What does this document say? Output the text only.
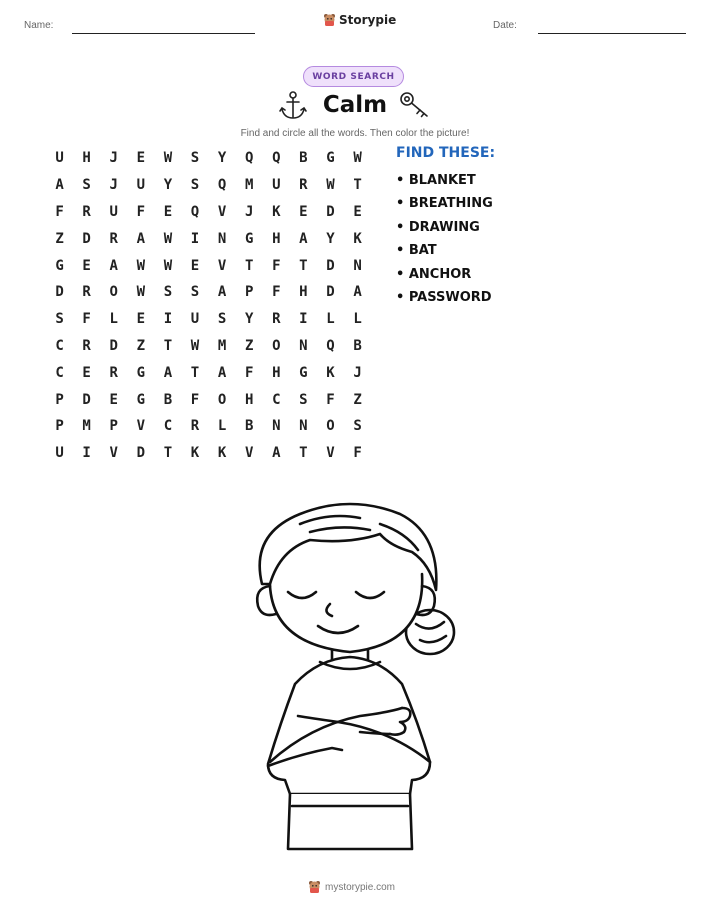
Name:	Storypie	Date:
WORD SEARCH
Calm
Find and circle all the words. Then color the picture!
U	H	J	E	W	S	Y	Q	Q	B	G	W
A	S	J	U	Y	S	Q	M	U	R	W	T
F	R	U	F	E	Q	V	J	K	E	D	E
Z	D	R	A	W	I	N	G	H	A	Y	K
G	E	A	W	W	E	V	T	F	T	D	N
D	R	O	W	S	S	A	P	F	H	D	A
S	F	L	E	I	U	S	Y	R	I	L	L
C	R	D	Z	T	W	M	Z	O	N	Q	B
C	E	R	G	A	T	A	F	H	G	K	J
P	D	E	G	B	F	O	H	C	S	F	Z
P	M	P	V	C	R	L	B	N	N	O	S
U	I	V	D	T	K	K	V	A	T	V	F
FIND THESE:
• BLANKET
• BREATHING
• DRAWING
• BAT
• ANCHOR
• PASSWORD
mystorypie.com
